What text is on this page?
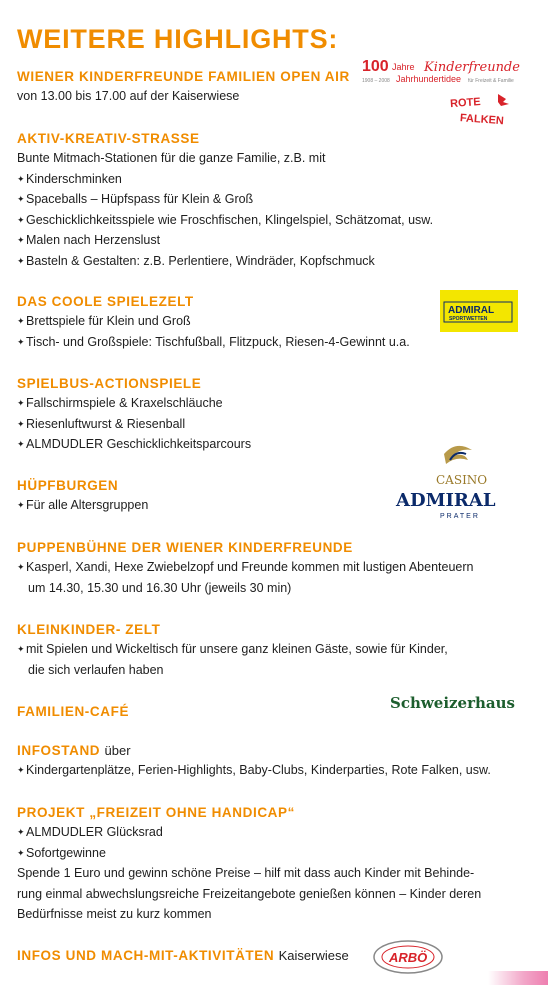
WEITERE HIGHLIGHTS:
WIENER KINDERFREUNDE FAMILIEN OPEN AIR
von 13.00 bis 17.00 auf der Kaiserwiese
AKTIV-KREATIV-STRASSE
Bunte Mitmach-Stationen für die ganze Familie, z.B. mit
✦ Kinderschminken
✦ Spaceballs – Hüpfspass für Klein & Groß
✦ Geschicklichkeitsspiele wie Froschfischen, Klingelspiel, Schätzomat, usw.
✦ Malen nach Herzenslust
✦ Basteln & Gestalten: z.B. Perlentiere, Windräder, Kopfschmuck
DAS COOLE SPIELEZELT
✦ Brettspiele für Klein und Groß
✦ Tisch- und Großspiele: Tischfußball, Flitzpuck, Riesen-4-Gewinnt u.a.
SPIELBUS-ACTIONSPIELE
✦ Fallschirmspiele & Kraxelschläuche
✦ Riesenluftwurst & Riesenball
✦ ALMDUDLER Geschicklichkeitsparcours
HÜPFBURGEN
✦ Für alle Altersgruppen
PUPPENBÜHNE DER WIENER KINDERFREUNDE
✦ Kasperl, Xandi, Hexe Zwiebelzopf und Freunde kommen mit lustigen Abenteuern
um 14.30, 15.30 und 16.30 Uhr (jeweils 30 min)
KLEINKINDER- ZELT
✦ mit Spielen und Wickeltisch für unsere ganz kleinen Gäste, sowie für Kinder,
die sich verlaufen haben
FAMILIEN-CAFÉ
INFOSTAND über
✦ Kindergartenplätze, Ferien-Highlights, Baby-Clubs, Kinderparties, Rote Falken, usw.
PROJEKT „FREIZEIT OHNE HANDICAP“
✦ ALMDUDLER Glücksrad
✦ Sofortgewinne
Spende 1 Euro und gewinn schöne Preise – hilf mit dass auch Kinder mit Behinde-
rung einmal abwechslungsreiche Freizeitangebote genießen können – Kinder deren
Bedürfnisse meist zu kurz kommen
INFOS UND MACH-MIT-AKTIVITÄTEN Kaiserwiese
100 Jahre Kinderfreunde
1908 – 2008 Jahrhundertidee für Freizeit & Familie
ROTE
FALKEN
ADMIRAL
SPORTWETTEN
CASINO
ADMIRAL
PRATER
Schweizerhaus
ARBÖ
